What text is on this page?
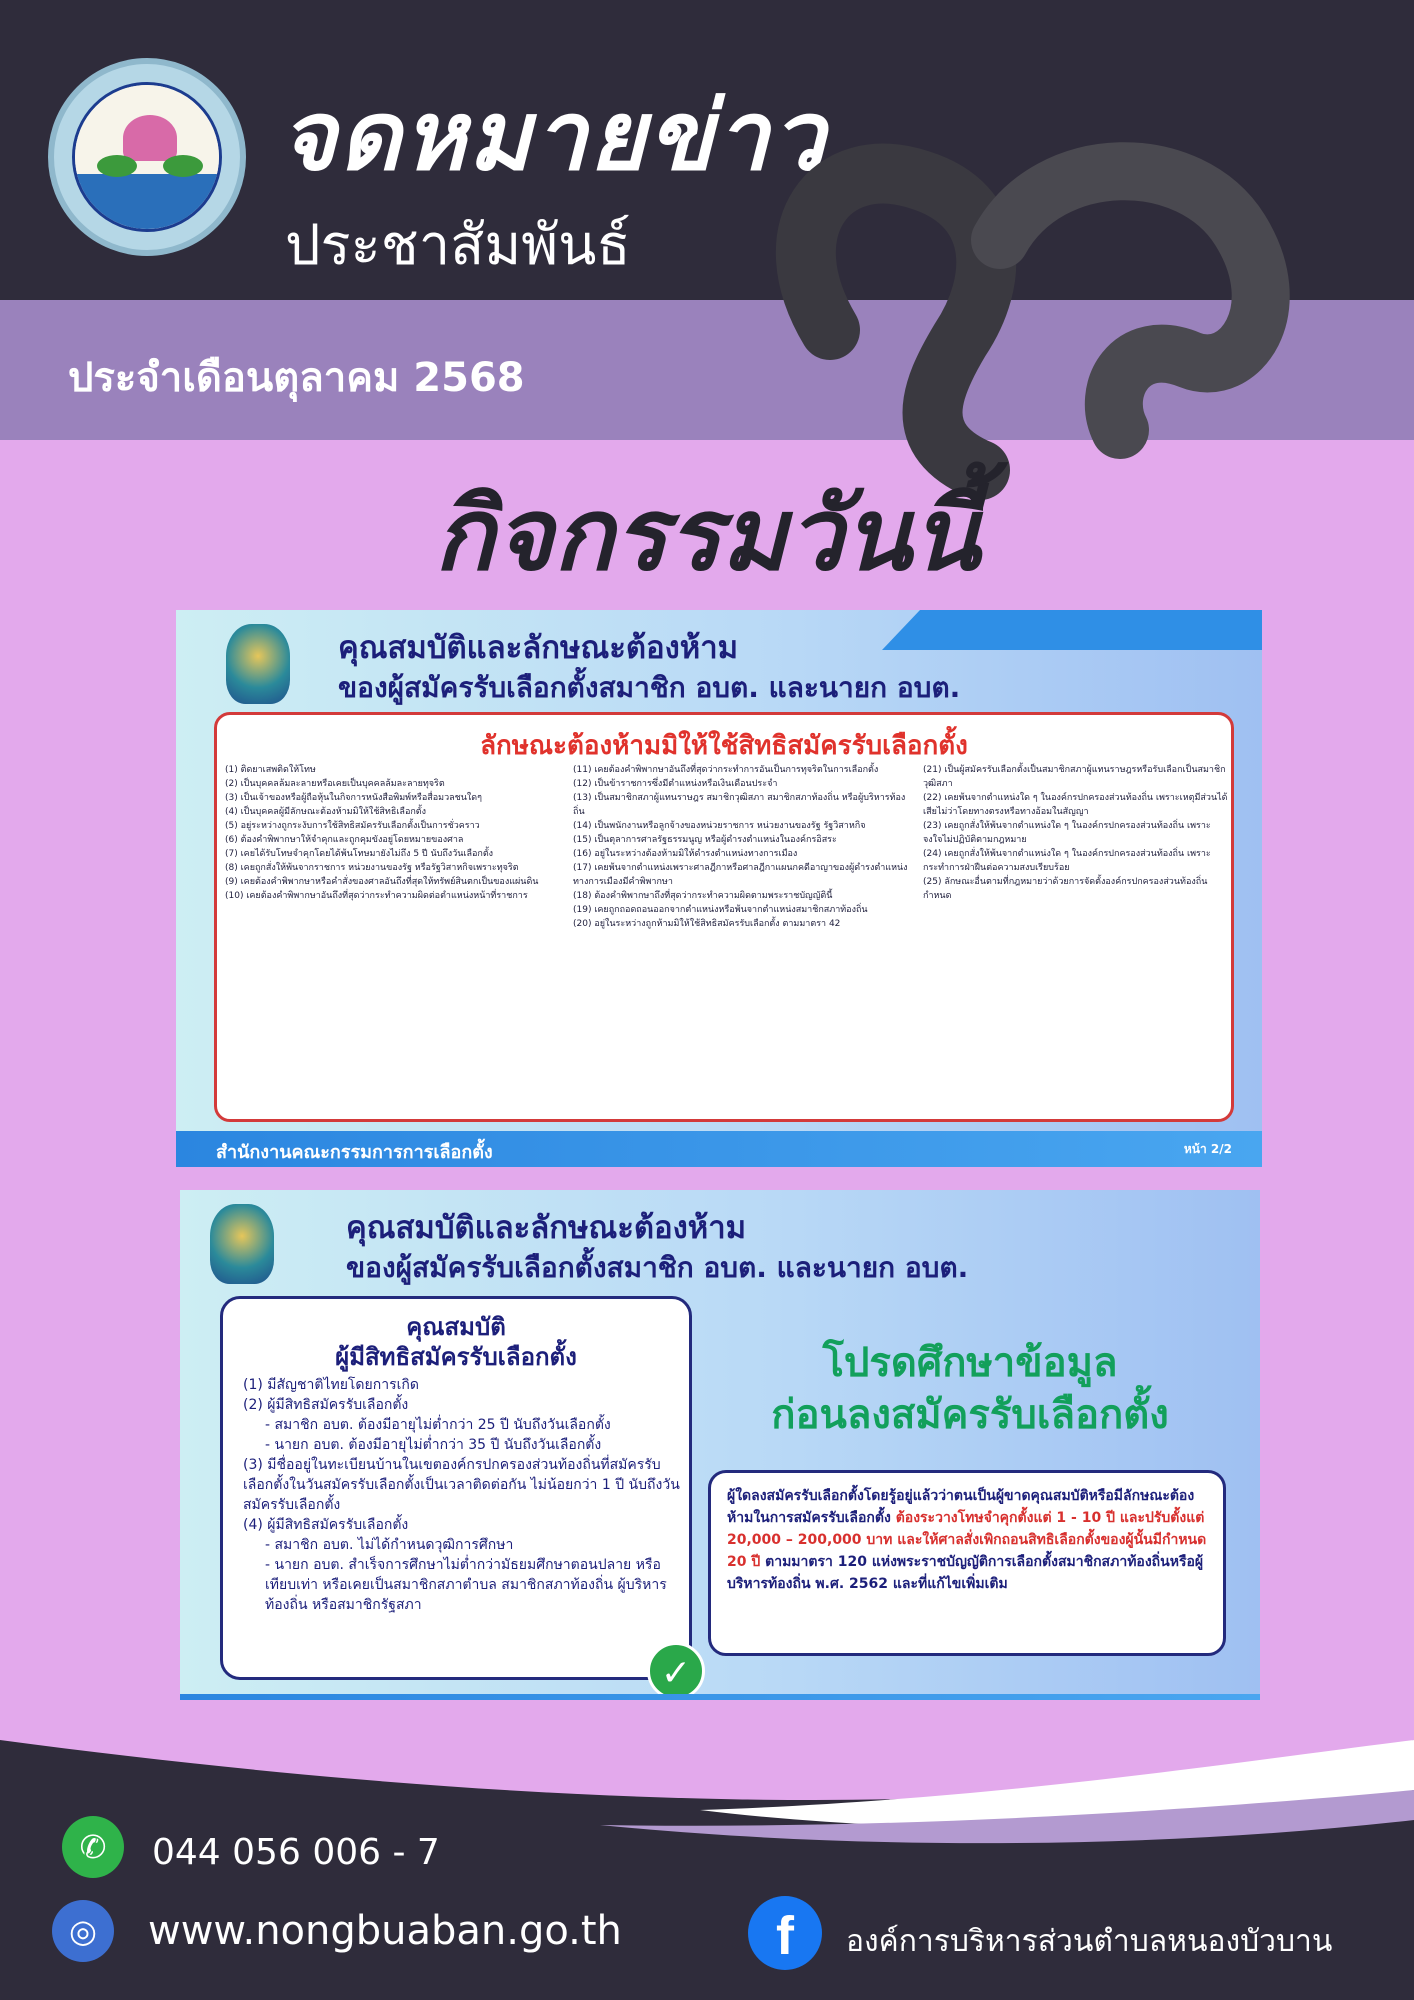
จดหมายข่าว
ประชาสัมพันธ์
ประจำเดือนตุลาคม 2568
กิจกรรมวันนี้
คุณสมบัติและลักษณะต้องห้าม
ของผู้สมัครรับเลือกตั้งสมาชิก อบต. และนายก อบต.
ลักษณะต้องห้ามมิให้ใช้สิทธิสมัครรับเลือกตั้ง

(1) ติดยาเสพติดให้โทษ

(2) เป็นบุคคลล้มละลายหรือเคยเป็นบุคคลล้มละลายทุจริต

(3) เป็นเจ้าของหรือผู้ถือหุ้นในกิจการหนังสือพิมพ์หรือสื่อมวลชนใดๆ

(4) เป็นบุคคลผู้มีลักษณะต้องห้ามมิให้ใช้สิทธิเลือกตั้ง

(5) อยู่ระหว่างถูกระงับการใช้สิทธิสมัครรับเลือกตั้งเป็นการชั่วคราว

(6) ต้องคำพิพากษาให้จำคุกและถูกคุมขังอยู่โดยหมายของศาล

(7) เคยได้รับโทษจำคุกโดยได้พ้นโทษมายังไม่ถึง 5 ปี นับถึงวันเลือกตั้ง

(8) เคยถูกสั่งให้พ้นจากราชการ หน่วยงานของรัฐ หรือรัฐวิสาหกิจเพราะทุจริต

(9) เคยต้องคำพิพากษาหรือคำสั่งของศาลอันถึงที่สุดให้ทรัพย์สินตกเป็นของแผ่นดิน

(10) เคยต้องคำพิพากษาอันถึงที่สุดว่ากระทำความผิดต่อตำแหน่งหน้าที่ราชการ

(11) เคยต้องคำพิพากษาอันถึงที่สุดว่ากระทำการอันเป็นการทุจริตในการเลือกตั้ง

(12) เป็นข้าราชการซึ่งมีตำแหน่งหรือเงินเดือนประจำ

(13) เป็นสมาชิกสภาผู้แทนราษฎร สมาชิกวุฒิสภา สมาชิกสภาท้องถิ่น หรือผู้บริหารท้องถิ่น

(14) เป็นพนักงานหรือลูกจ้างของหน่วยราชการ หน่วยงานของรัฐ รัฐวิสาหกิจ

(15) เป็นตุลาการศาลรัฐธรรมนูญ หรือผู้ดำรงตำแหน่งในองค์กรอิสระ

(16) อยู่ในระหว่างต้องห้ามมิให้ดำรงตำแหน่งทางการเมือง

(17) เคยพ้นจากตำแหน่งเพราะศาลฎีกาหรือศาลฎีกาแผนกคดีอาญาของผู้ดำรงตำแหน่งทางการเมืองมีคำพิพากษา

(18) ต้องคำพิพากษาถึงที่สุดว่ากระทำความผิดตามพระราชบัญญัตินี้

(19) เคยถูกถอดถอนออกจากตำแหน่งหรือพ้นจากตำแหน่งสมาชิกสภาท้องถิ่น

(20) อยู่ในระหว่างถูกห้ามมิให้ใช้สิทธิสมัครรับเลือกตั้ง ตามมาตรา 42

(21) เป็นผู้สมัครรับเลือกตั้งเป็นสมาชิกสภาผู้แทนราษฎรหรือรับเลือกเป็นสมาชิกวุฒิสภา

(22) เคยพ้นจากตำแหน่งใด ๆ ในองค์กรปกครองส่วนท้องถิ่น เพราะเหตุมีส่วนได้เสียไม่ว่าโดยทางตรงหรือทางอ้อมในสัญญา

(23) เคยถูกสั่งให้พ้นจากตำแหน่งใด ๆ ในองค์กรปกครองส่วนท้องถิ่น เพราะจงใจไม่ปฏิบัติตามกฎหมาย

(24) เคยถูกสั่งให้พ้นจากตำแหน่งใด ๆ ในองค์กรปกครองส่วนท้องถิ่น เพราะกระทำการฝ่าฝืนต่อความสงบเรียบร้อย

(25) ลักษณะอื่นตามที่กฎหมายว่าด้วยการจัดตั้งองค์กรปกครองส่วนท้องถิ่นกำหนด

สำนักงานคณะกรรมการการเลือกตั้ง	หน้า 2/2
คุณสมบัติและลักษณะต้องห้าม
ของผู้สมัครรับเลือกตั้งสมาชิก อบต. และนายก อบต.
คุณสมบัติ
ผู้มีสิทธิสมัครรับเลือกตั้ง
(1) มีสัญชาติไทยโดยการเกิด
(2) ผู้มีสิทธิสมัครรับเลือกตั้ง
- สมาชิก อบต. ต้องมีอายุไม่ต่ำกว่า 25 ปี นับถึงวันเลือกตั้ง
- นายก อบต. ต้องมีอายุไม่ต่ำกว่า 35 ปี นับถึงวันเลือกตั้ง
(3) มีชื่ออยู่ในทะเบียนบ้านในเขตองค์กรปกครองส่วนท้องถิ่นที่สมัครรับเลือกตั้งในวันสมัครรับเลือกตั้งเป็นเวลาติดต่อกัน ไม่น้อยกว่า 1 ปี นับถึงวันสมัครรับเลือกตั้ง
(4) ผู้มีสิทธิสมัครรับเลือกตั้ง
- สมาชิก อบต. ไม่ได้กำหนดวุฒิการศึกษา
- นายก อบต. สำเร็จการศึกษาไม่ต่ำกว่ามัธยมศึกษาตอนปลาย หรือเทียบเท่า หรือเคยเป็นสมาชิกสภาตำบล สมาชิกสภาท้องถิ่น ผู้บริหารท้องถิ่น หรือสมาชิกรัฐสภา
✓
โปรดศึกษาข้อมูล
ก่อนลงสมัครรับเลือกตั้ง
ผู้ใดลงสมัครรับเลือกตั้งโดยรู้อยู่แล้วว่าตนเป็นผู้ขาดคุณสมบัติหรือมีลักษณะต้องห้ามในการสมัครรับเลือกตั้ง ต้องระวางโทษจำคุกตั้งแต่ 1 - 10 ปี และปรับตั้งแต่ 20,000 – 200,000 บาท และให้ศาลสั่งเพิกถอนสิทธิเลือกตั้งของผู้นั้นมีกำหนด 20 ปี ตามมาตรา 120 แห่งพระราชบัญญัติการเลือกตั้งสมาชิกสภาท้องถิ่นหรือผู้บริหารท้องถิ่น พ.ศ. 2562 และที่แก้ไขเพิ่มเติม
✆	044 056 006 - 7
◎	www.nongbuaban.go.th	f	องค์การบริหารส่วนตำบลหนองบัวบาน
